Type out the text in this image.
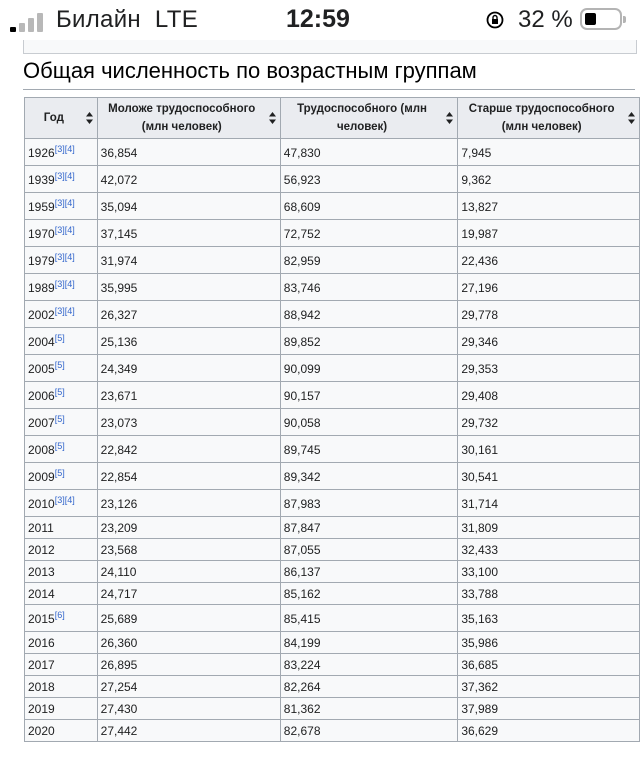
Билайн LTE	12:59	32 %
Общая численность по возрастным группам
Год	Моложе трудоспособного (млн человек)	Трудоспособного (млн человек)	Старше трудоспособного (млн человек)

1926[3][4]	36,854	47,830	7,945
1939[3][4]	42,072	56,923	9,362
1959[3][4]	35,094	68,609	13,827
1970[3][4]	37,145	72,752	19,987
1979[3][4]	31,974	82,959	22,436
1989[3][4]	35,995	83,746	27,196
2002[3][4]	26,327	88,942	29,778
2004[5]	25,136	89,852	29,346
2005[5]	24,349	90,099	29,353
2006[5]	23,671	90,157	29,408
2007[5]	23,073	90,058	29,732
2008[5]	22,842	89,745	30,161
2009[5]	22,854	89,342	30,541
2010[3][4]	23,126	87,983	31,714
2011	23,209	87,847	31,809
2012	23,568	87,055	32,433
2013	24,110	86,137	33,100
2014	24,717	85,162	33,788
2015[6]	25,689	85,415	35,163
2016	26,360	84,199	35,986
2017	26,895	83,224	36,685
2018	27,254	82,264	37,362
2019	27,430	81,362	37,989
2020	27,442	82,678	36,629
